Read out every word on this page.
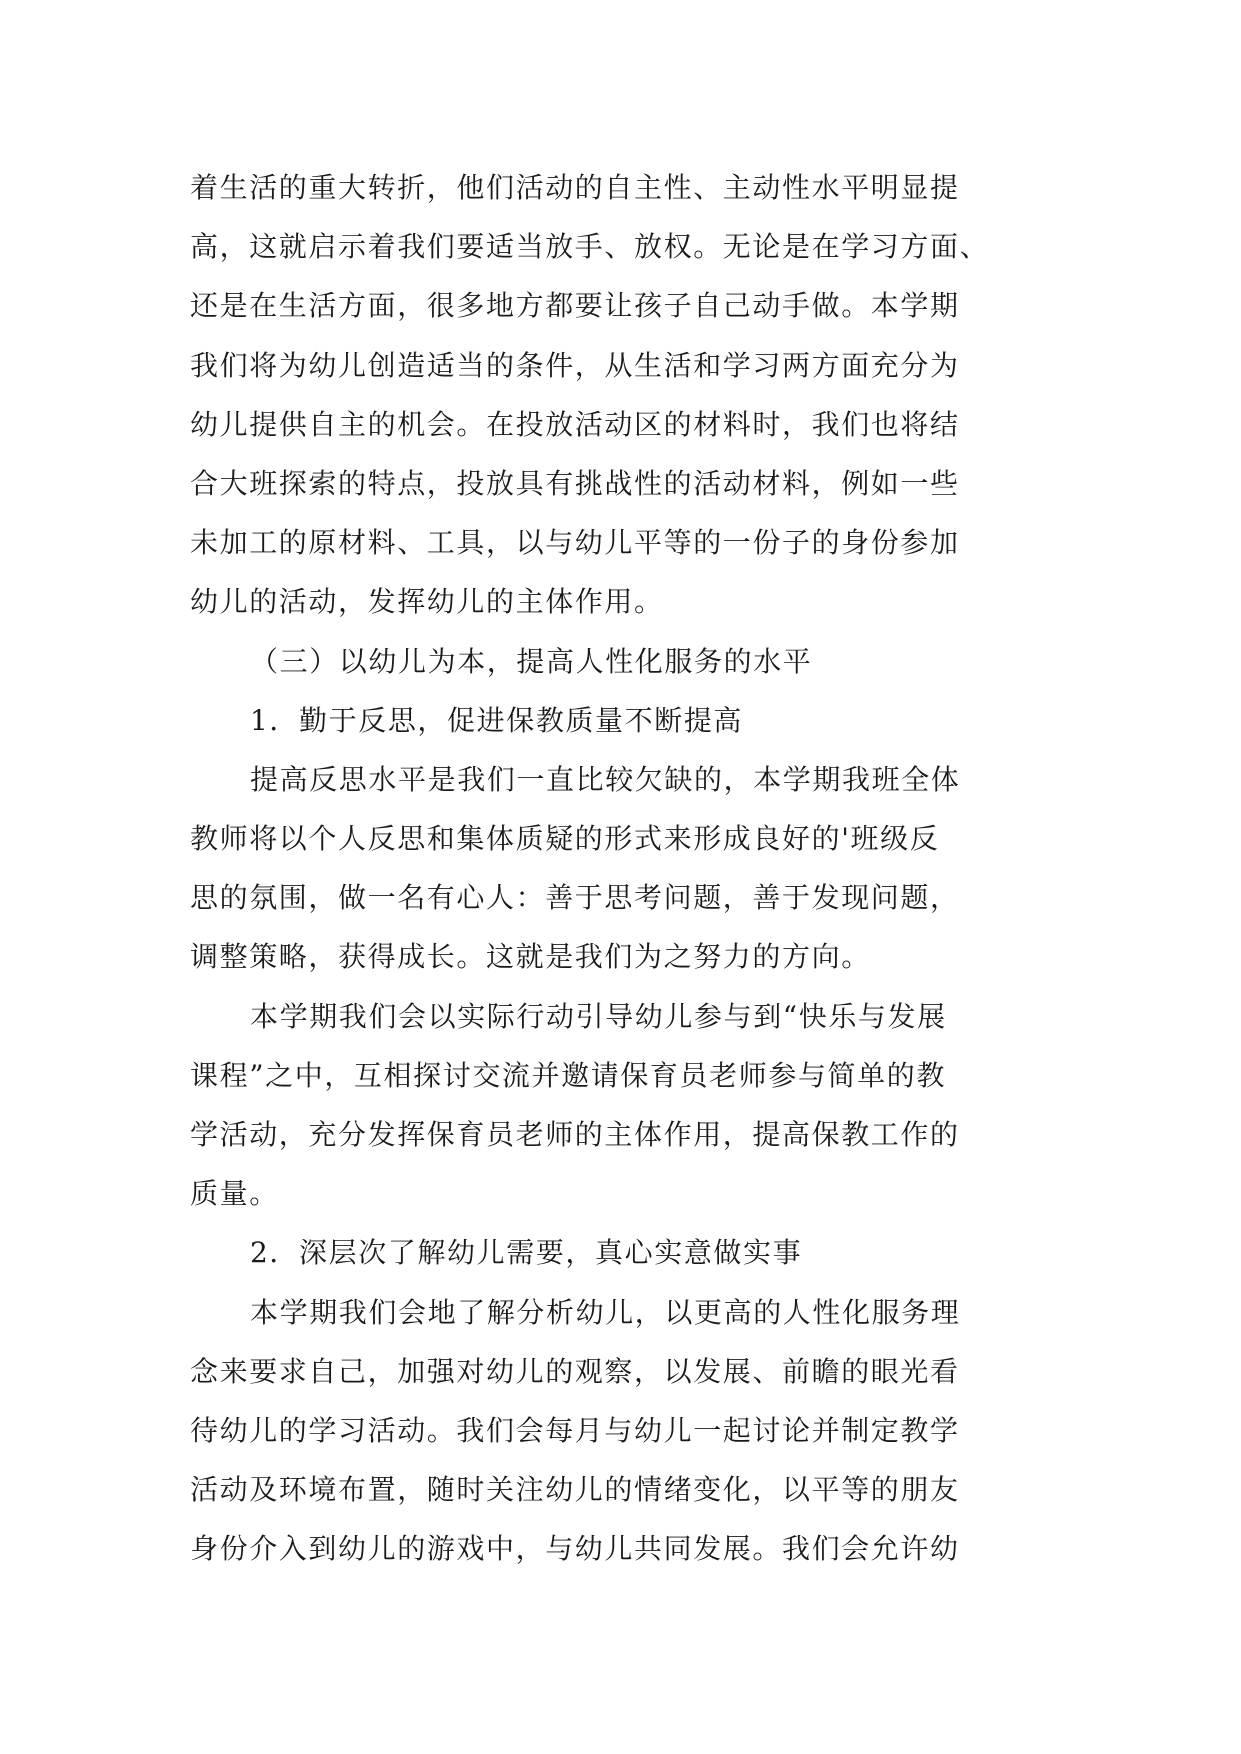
着生活的重大转折，他们活动的自主性、主动性水平明显提
高，这就启示着我们要适当放手、放权。无论是在学习方面、
还是在生活方面，很多地方都要让孩子自己动手做。本学期
我们将为幼儿创造适当的条件，从生活和学习两方面充分为
幼儿提供自主的机会。在投放活动区的材料时，我们也将结
合大班探索的特点，投放具有挑战性的活动材料，例如一些
未加工的原材料、工具，以与幼儿平等的一份子的身份参加
幼儿的活动，发挥幼儿的主体作用。
（三）以幼儿为本，提高人性化服务的水平
1．勤于反思，促进保教质量不断提高
提高反思水平是我们一直比较欠缺的，本学期我班全体
教师将以个人反思和集体质疑的形式来形成良好的'班级反
思的氛围，做一名有心人：善于思考问题，善于发现问题，
调整策略，获得成长。这就是我们为之努力的方向。
本学期我们会以实际行动引导幼儿参与到“快乐与发展
课程”之中，互相探讨交流并邀请保育员老师参与简单的教
学活动，充分发挥保育员老师的主体作用，提高保教工作的
质量。
2．深层次了解幼儿需要，真心实意做实事
本学期我们会地了解分析幼儿，以更高的人性化服务理
念来要求自己，加强对幼儿的观察，以发展、前瞻的眼光看
待幼儿的学习活动。我们会每月与幼儿一起讨论并制定教学
活动及环境布置，随时关注幼儿的情绪变化，以平等的朋友
身份介入到幼儿的游戏中，与幼儿共同发展。我们会允许幼
